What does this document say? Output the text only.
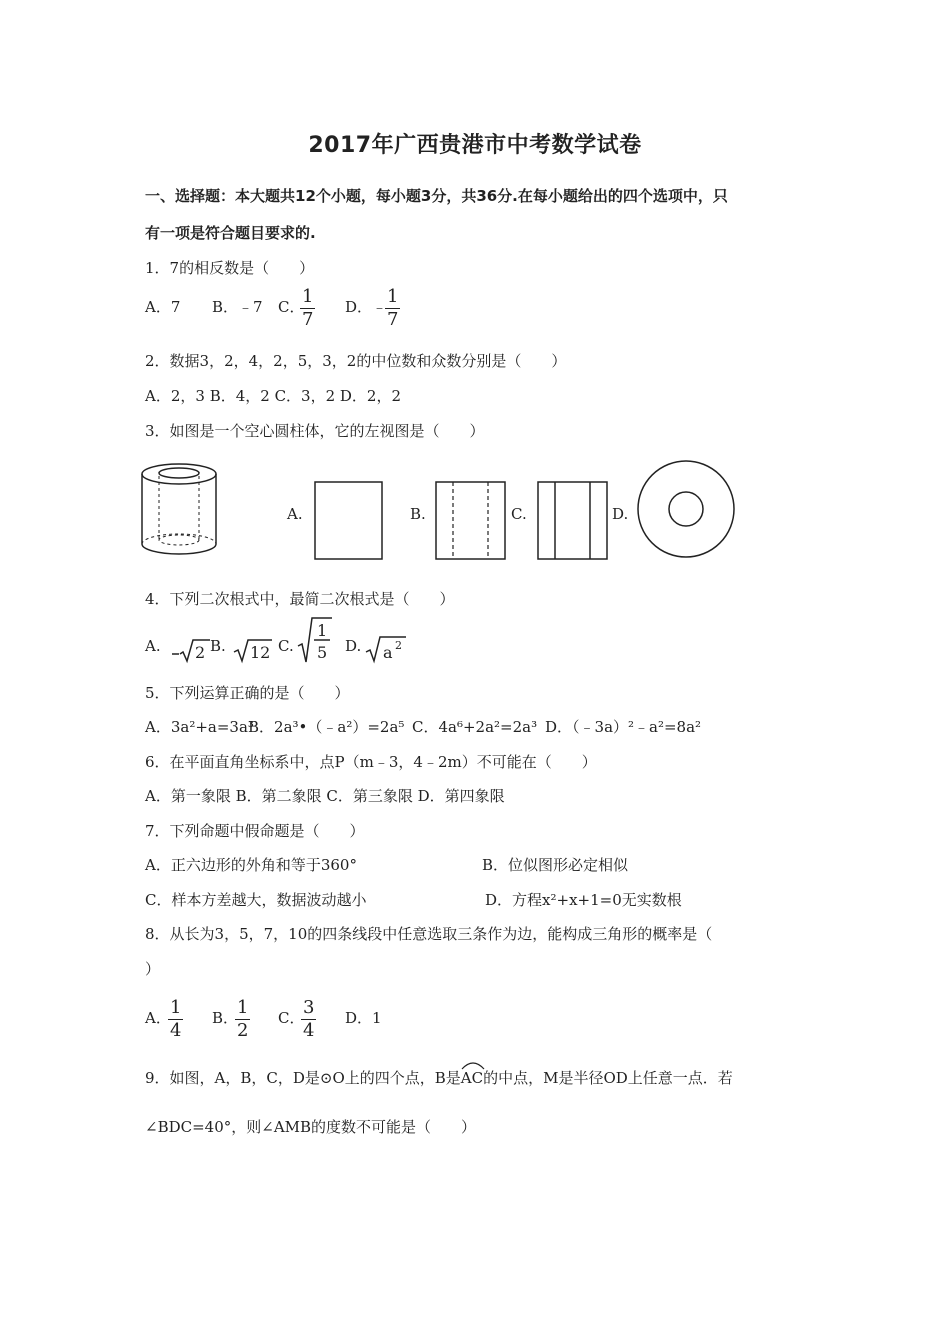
2017年广西贵港市中考数学试卷
一、选择题：本大题共12个小题，每小题3分，共36分.在每小题给出的四个选项中，只
有一项是符合题目要求的.
1．7的相反数是（　　）
A．7 B．﹣7 C．
$\frac{1}{7}$ D．﹣
$\frac{1}{7}$
2．数据3，2，4，2，5，3，2的中位数和众数分别是（　　）
A．2，3 B．4，2 C．3，2 D．2，2
3．如图是一个空心圆柱体，它的左视图是（　　）
A.	B.	C.	D.
4．下列二次根式中，最简二次根式是（　　）
A. 2 B. 12 C.
1
5 D. a 2
5．下列运算正确的是（　　）
A．3a²+a=3a³
B．2a³•（﹣a²）=2a⁵ C．4a⁶+2a²=2a³ D．（﹣3a）²﹣a²=8a²
6．在平面直角坐标系中，点P（m﹣3，4﹣2m）不可能在（　　）
A．第一象限 B．第二象限 C．第三象限 D．第四象限
7．下列命题中假命题是（　　）
A．正六边形的外角和等于360°	B．位似图形必定相似
C．样本方差越大，数据波动越小	D．方程x²+x+1=0无实数根
8．从长为3，5，7，10的四条线段中任意选取三条作为边，能构成三角形的概率是（
）
A．
$\frac{1}{4}$ B．
$\frac{1}{2}$ C．
$\frac{3}{4}$ D．1
9．如图，A，B，C，D是⊙O上的四个点，B是
AC的中点，M是半径OD上任意一点．若
∠BDC=40°，则∠AMB的度数不可能是（　　）
